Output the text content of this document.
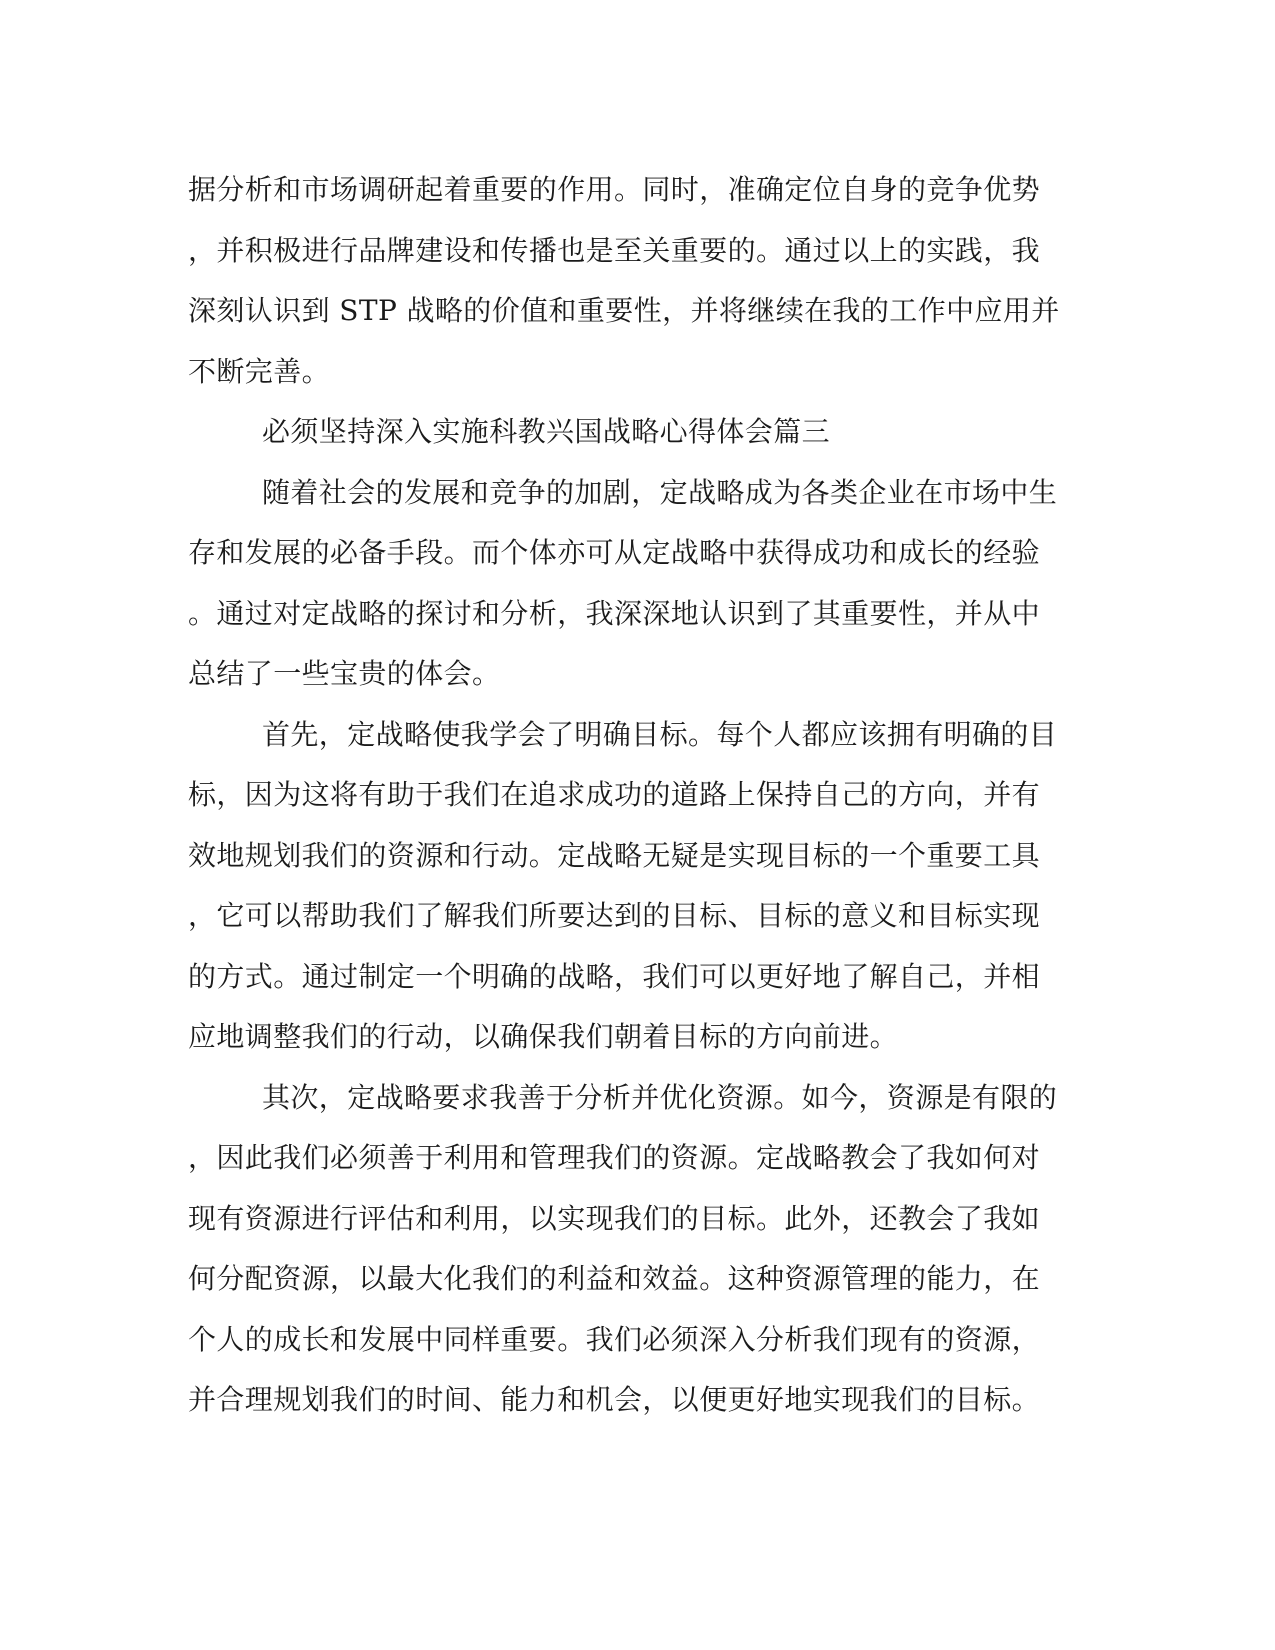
据分析和市场调研起着重要的作用。同时，准确定位自身的竞争优势
，并积极进行品牌建设和传播也是至关重要的。通过以上的实践，我
深刻认识到 STP 战略的价值和重要性，并将继续在我的工作中应用并
不断完善。
必须坚持深入实施科教兴国战略心得体会篇三
随着社会的发展和竞争的加剧，定战略成为各类企业在市场中生
存和发展的必备手段。而个体亦可从定战略中获得成功和成长的经验
。通过对定战略的探讨和分析，我深深地认识到了其重要性，并从中
总结了一些宝贵的体会。
首先，定战略使我学会了明确目标。每个人都应该拥有明确的目
标，因为这将有助于我们在追求成功的道路上保持自己的方向，并有
效地规划我们的资源和行动。定战略无疑是实现目标的一个重要工具
，它可以帮助我们了解我们所要达到的目标、目标的意义和目标实现
的方式。通过制定一个明确的战略，我们可以更好地了解自己，并相
应地调整我们的行动，以确保我们朝着目标的方向前进。
其次，定战略要求我善于分析并优化资源。如今，资源是有限的
，因此我们必须善于利用和管理我们的资源。定战略教会了我如何对
现有资源进行评估和利用，以实现我们的目标。此外，还教会了我如
何分配资源，以最大化我们的利益和效益。这种资源管理的能力，在
个人的成长和发展中同样重要。我们必须深入分析我们现有的资源，
并合理规划我们的时间、能力和机会，以便更好地实现我们的目标。
